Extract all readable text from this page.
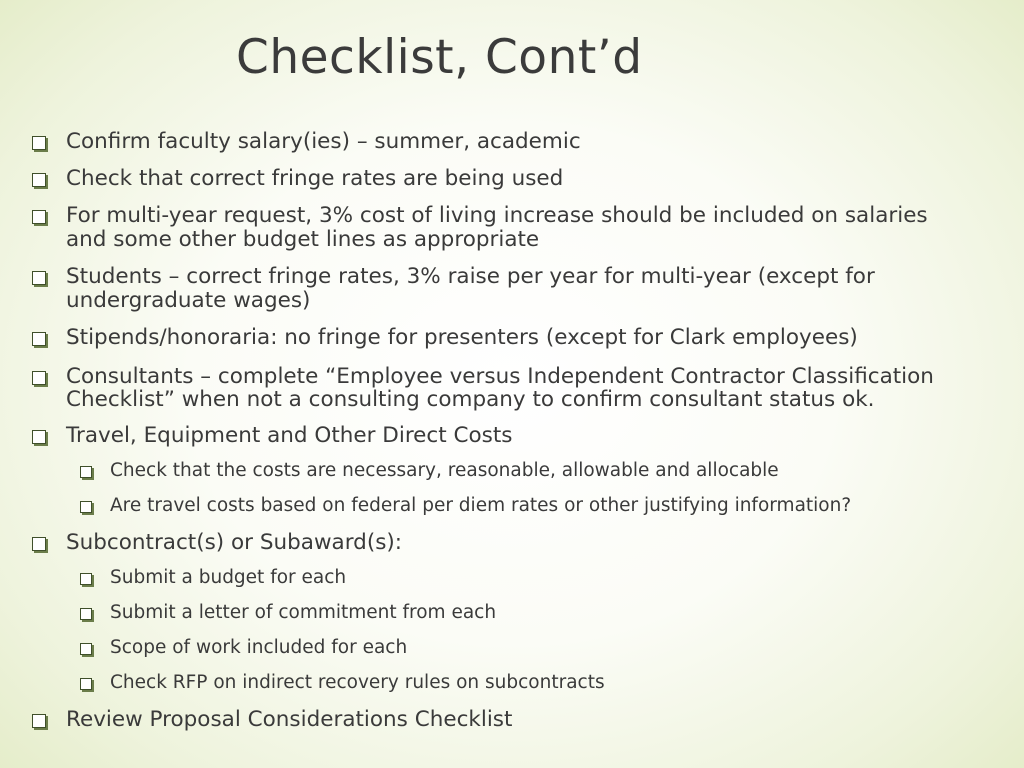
Checklist, Cont’d
Confirm faculty salary(ies) – summer, academic
Check that correct fringe rates are being used
For multi-year request, 3% cost of living increase should be included on salaries
and some other budget lines as appropriate
Students – correct fringe rates, 3% raise per year for multi-year (except for
undergraduate wages)
Stipends/honoraria: no fringe for presenters (except for Clark employees)
Consultants – complete “Employee versus Independent Contractor Classification
Checklist” when not a consulting company to confirm consultant status ok.
Travel, Equipment and Other Direct Costs
Check that the costs are necessary, reasonable, allowable and allocable
Are travel costs based on federal per diem rates or other justifying information?
Subcontract(s) or Subaward(s):
Submit a budget for each
Submit a letter of commitment from each
Scope of work included for each
Check RFP on indirect recovery rules on subcontracts
Review Proposal Considerations Checklist
